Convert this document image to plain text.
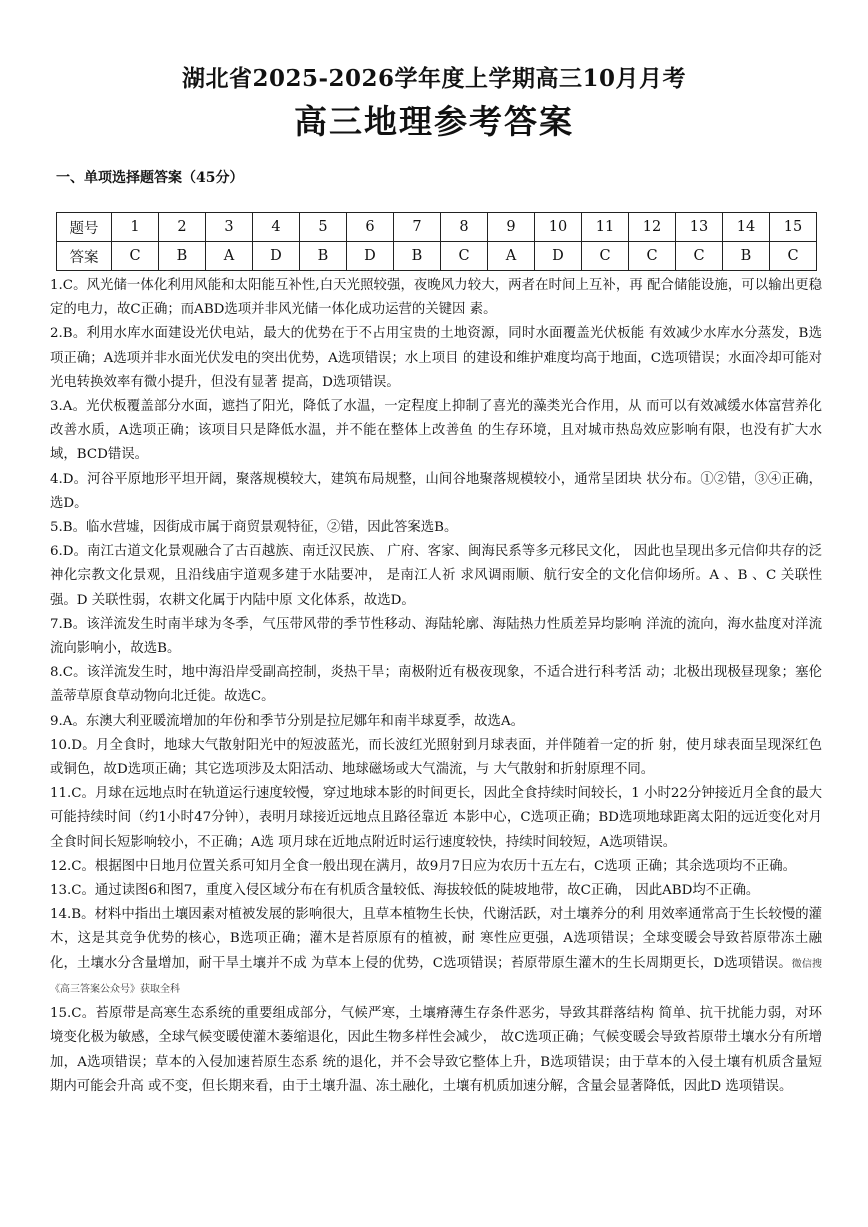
湖北省2025-2026学年度上学期高三10月月考
高三地理参考答案
一、单项选择题答案（45分）
题号	1	2	3	4	5	6	7	8	9	10	11	12	13	14	15
答案	C	B	A	D	B	D	B	C	A	D	C	C	C	B	C

1.C。风光储一体化利用风能和太阳能互补性,白天光照较强，夜晚风力较大，两者在时间上互补，再 配合储能设施，可以输出更稳定的电力，故C正确；而ABD选项并非风光储一体化成功运营的关键因 素。

2.B。利用水库水面建设光伏电站，最大的优势在于不占用宝贵的土地资源，同时水面覆盖光伏板能 有效减少水库水分蒸发，B选项正确；A选项并非水面光伏发电的突出优势，A选项错误；水上项目 的建设和维护难度均高于地面，C选项错误；水面冷却可能对光电转换效率有微小提升，但没有显著 提高，D选项错误。

3.A。光伏板覆盖部分水面，遮挡了阳光，降低了水温，一定程度上抑制了喜光的藻类光合作用，从 而可以有效减缓水体富营养化改善水质，A选项正确；该项目只是降低水温，并不能在整体上改善鱼 的生存环境，且对城市热岛效应影响有限，也没有扩大水域，BCD错误。

4.D。河谷平原地形平坦开阔，聚落规模较大，建筑布局规整，山间谷地聚落规模较小，通常呈团块 状分布。①②错，③④正确，选D。

5.B。临水营墟，因街成市属于商贸景观特征，②错，因此答案选B。

6.D。南江古道文化景观融合了古百越族、南迁汉民族、 广府、客家、闽海民系等多元移民文化， 因此也呈现出多元信仰共存的泛神化宗教文化景观，且沿线庙宇道观多建于水陆要冲， 是南江人祈 求风调雨顺、航行安全的文化信仰场所。A 、B 、C 关联性强。D 关联性弱，农耕文化属于内陆中原 文化体系，故选D。

7.B。该洋流发生时南半球为冬季，气压带风带的季节性移动、海陆轮廓、海陆热力性质差异均影响 洋流的流向，海水盐度对洋流流向影响小，故选B。

8.C。该洋流发生时，地中海沿岸受副高控制，炎热干旱；南极附近有极夜现象，不适合进行科考活 动；北极出现极昼现象；塞伦盖蒂草原食草动物向北迁徙。故选C。

9.A。东澳大利亚暖流增加的年份和季节分别是拉尼娜年和南半球夏季，故选A。

10.D。月全食时，地球大气散射阳光中的短波蓝光，而长波红光照射到月球表面，并伴随着一定的折 射，使月球表面呈现深红色或铜色，故D选项正确；其它选项涉及太阳活动、地球磁场或大气湍流，与 大气散射和折射原理不同。

11.C。月球在远地点时在轨道运行速度较慢，穿过地球本影的时间更长，因此全食持续时间较长，1 小时22分钟接近月全食的最大可能持续时间（约1小时47分钟），表明月球接近远地点且路径靠近 本影中心，C选项正确；BD选项地球距离太阳的远近变化对月全食时间长短影响较小，不正确；A选 项月球在近地点附近时运行速度较快，持续时间较短，A选项错误。

12.C。根据图中日地月位置关系可知月全食一般出现在满月，故9月7日应为农历十五左右，C选项 正确；其余选项均不正确。

13.C。通过读图6和图7，重度入侵区域分布在有机质含量较低、海拔较低的陡坡地带，故C正确， 因此ABD均不正确。

14.B。材料中指出土壤因素对植被发展的影响很大，且草本植物生长快，代谢活跃，对土壤养分的利 用效率通常高于生长较慢的灌木，这是其竞争优势的核心，B选项正确；灌木是苔原原有的植被，耐 寒性应更强，A选项错误；全球变暖会导致苔原带冻土融化，土壤水分含量增加，耐干旱土壤并不成 为草本上侵的优势，C选项错误；苔原带原生灌木的生长周期更长，D选项错误。微信搜《高三答案公众号》获取全科

15.C。苔原带是高寒生态系统的重要组成部分，气候严寒，土壤瘠薄生存条件恶劣，导致其群落结构 简单、抗干扰能力弱，对环境变化极为敏感，全球气候变暖使灌木萎缩退化，因此生物多样性会减少， 故C选项正确；气候变暖会导致苔原带土壤水分有所增加，A选项错误；草本的入侵加速苔原生态系 统的退化，并不会导致它整体上升，B选项错误；由于草本的入侵土壤有机质含量短期内可能会升高 或不变，但长期来看，由于土壤升温、冻土融化，土壤有机质加速分解，含量会显著降低，因此D 选项错误。
